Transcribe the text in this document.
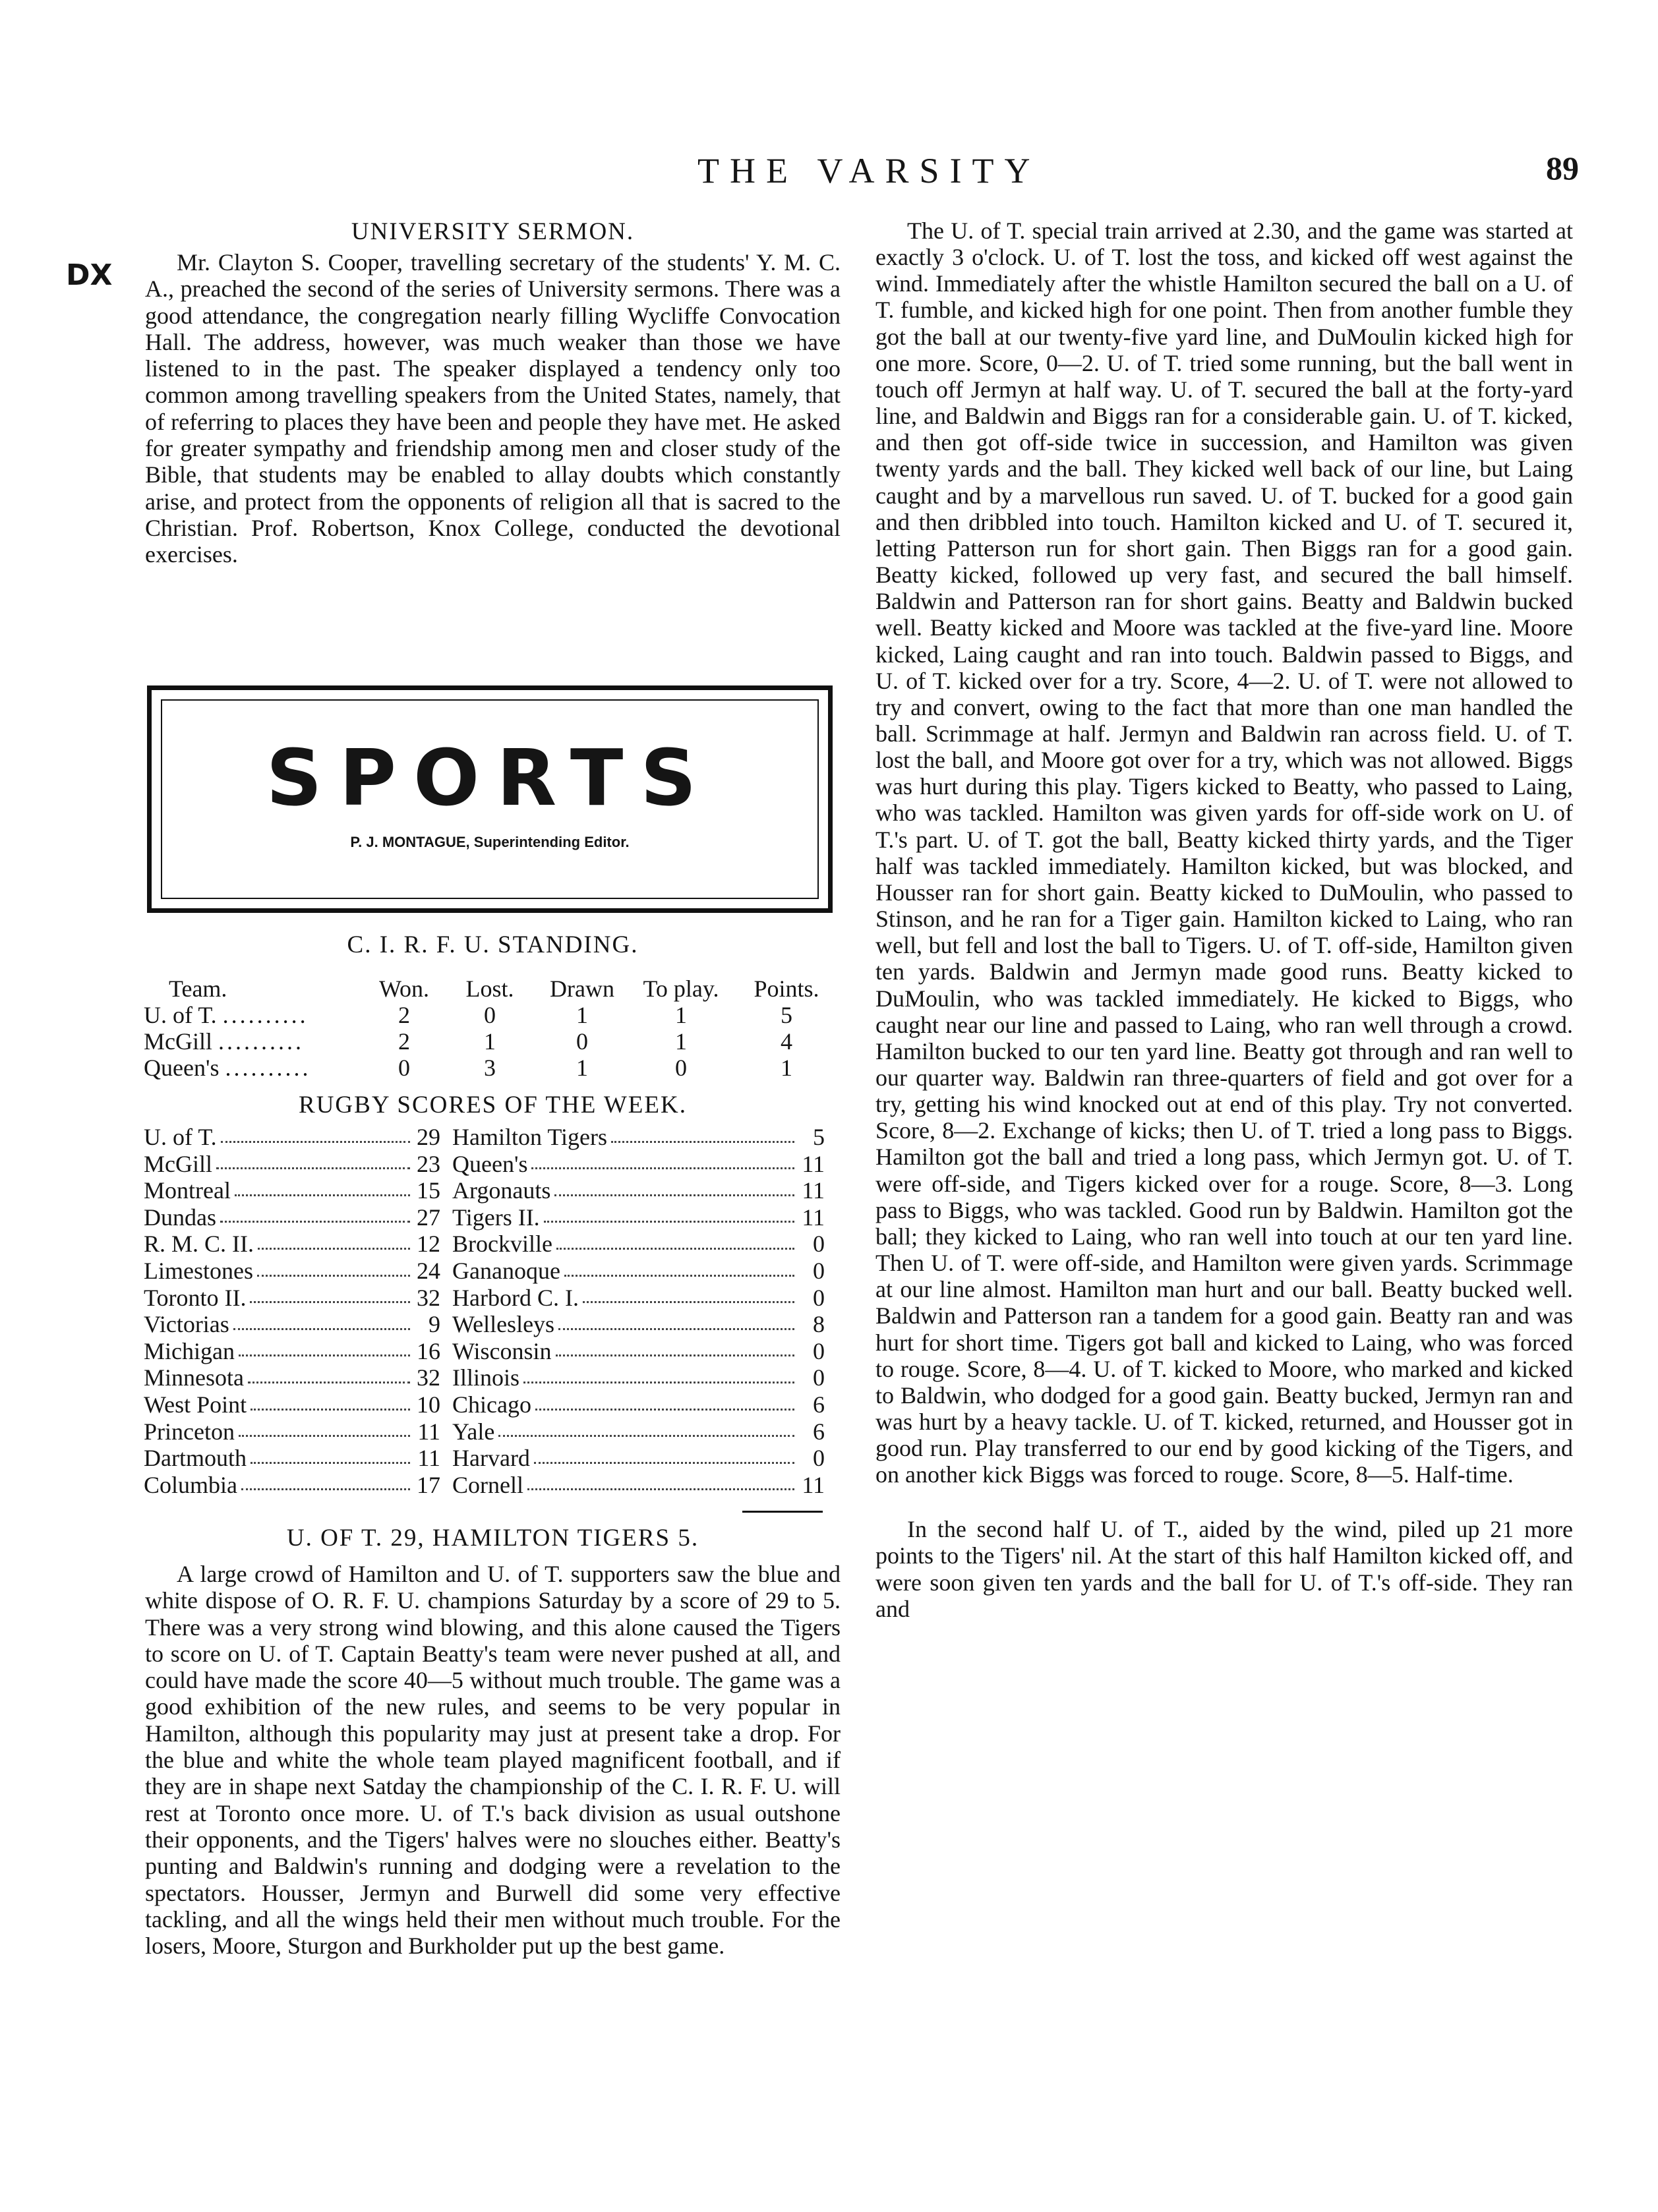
THE VARSITY	89
DX
UNIVERSITY SERMON.

Mr. Clayton S. Cooper, travelling secretary of the students' Y. M. C. A., preached the second of the series of University sermons. There was a good attendance, the congregation nearly filling Wycliffe Convocation Hall. The address, however, was much weaker than those we have listened to in the past. The speaker displayed a tendency only too common among travelling speakers from the United States, namely, that of referring to places they have been and people they have met. He asked for greater sympathy and friendship among men and closer study of the Bible, that students may be enabled to allay doubts which constantly arise, and protect from the opponents of religion all that is sacred to the Christian. Prof. Robertson, Knox College, conducted the devotional exercises.

SPORTS
P. J. MONTAGUE, Superintending Editor.
C. I. R. F. U. STANDING.
Team.	Won.	Lost.	Drawn	To play.	Points.
U. of T. ..........	2	0	1	1	5
McGill ..........	2	1	0	1	4
Queen's ..........	0	3	1	0	1
RUGBY SCORES OF THE WEEK.
U. of T.	29 Hamilton Tigers	5
McGill	23 Queen's	11
Montreal	15 Argonauts	11
Dundas	27 Tigers II.	11
R. M. C. II.	12 Brockville	0
Limestones	24 Gananoque	0
Toronto II.	32 Harbord C. I.	0
Victorias	9 Wellesleys	8
Michigan	16 Wisconsin	0
Minnesota	32 Illinois	0
West Point	10 Chicago	6
Princeton	11 Yale	6
Dartmouth	11 Harvard	0
Columbia	17 Cornell	11
U. OF T. 29, HAMILTON TIGERS 5.

A large crowd of Hamilton and U. of T. supporters saw the blue and white dispose of O. R. F. U. champions Saturday by a score of 29 to 5. There was a very strong wind blowing, and this alone caused the Tigers to score on U. of T. Captain Beatty's team were never pushed at all, and could have made the score 40—5 without much trouble. The game was a good exhibition of the new rules, and seems to be very popular in Hamilton, although this popularity may just at present take a drop. For the blue and white the whole team played magnificent football, and if they are in shape next Satday the championship of the C. I. R. F. U. will rest at Toronto once more. U. of T.'s back division as usual outshone their opponents, and the Tigers' halves were no slouches either. Beatty's punting and Baldwin's running and dodging were a revelation to the spectators. Housser, Jermyn and Burwell did some very effective tackling, and all the wings held their men without much trouble. For the losers, Moore, Sturgon and Burkholder put up the best game.

The U. of T. special train arrived at 2.30, and the game was started at exactly 3 o'clock. U. of T. lost the toss, and kicked off west against the wind. Immediately after the whistle Hamilton secured the ball on a U. of T. fumble, and kicked high for one point. Then from another fumble they got the ball at our twenty-five yard line, and DuMoulin kicked high for one more. Score, 0—2. U. of T. tried some running, but the ball went in touch off Jermyn at half way. U. of T. secured the ball at the forty-yard line, and Baldwin and Biggs ran for a considerable gain. U. of T. kicked, and then got off-side twice in succession, and Hamilton was given twenty yards and the ball. They kicked well back of our line, but Laing caught and by a marvellous run saved. U. of T. bucked for a good gain and then dribbled into touch. Hamilton kicked and U. of T. secured it, letting Patterson run for short gain. Then Biggs ran for a good gain. Beatty kicked, followed up very fast, and secured the ball himself. Baldwin and Patterson ran for short gains. Beatty and Baldwin bucked well. Beatty kicked and Moore was tackled at the five-yard line. Moore kicked, Laing caught and ran into touch. Baldwin passed to Biggs, and U. of T. kicked over for a try. Score, 4—2. U. of T. were not allowed to try and convert, owing to the fact that more than one man handled the ball. Scrimmage at half. Jermyn and Baldwin ran across field. U. of T. lost the ball, and Moore got over for a try, which was not allowed. Biggs was hurt during this play. Tigers kicked to Beatty, who passed to Laing, who was tackled. Hamilton was given yards for off-side work on U. of T.'s part. U. of T. got the ball, Beatty kicked thirty yards, and the Tiger half was tackled immediately. Hamilton kicked, but was blocked, and Housser ran for short gain. Beatty kicked to DuMoulin, who passed to Stinson, and he ran for a Tiger gain. Hamilton kicked to Laing, who ran well, but fell and lost the ball to Tigers. U. of T. off-side, Hamilton given ten yards. Baldwin and Jermyn made good runs. Beatty kicked to DuMoulin, who was tackled immediately. He kicked to Biggs, who caught near our line and passed to Laing, who ran well through a crowd. Hamilton bucked to our ten yard line. Beatty got through and ran well to our quarter way. Baldwin ran three-quarters of field and got over for a try, getting his wind knocked out at end of this play. Try not converted. Score, 8—2. Exchange of kicks; then U. of T. tried a long pass to Biggs. Hamilton got the ball and tried a long pass, which Jermyn got. U. of T. were off-side, and Tigers kicked over for a rouge. Score, 8—3. Long pass to Biggs, who was tackled. Good run by Baldwin. Hamilton got the ball; they kicked to Laing, who ran well into touch at our ten yard line. Then U. of T. were off-side, and Hamilton were given yards. Scrimmage at our line almost. Hamilton man hurt and our ball. Beatty bucked well. Baldwin and Patterson ran a tandem for a good gain. Beatty ran and was hurt for short time. Tigers got ball and kicked to Laing, who was forced to rouge. Score, 8—4. U. of T. kicked to Moore, who marked and kicked to Baldwin, who dodged for a good gain. Beatty bucked, Jermyn ran and was hurt by a heavy tackle. U. of T. kicked, returned, and Housser got in good run. Play transferred to our end by good kicking of the Tigers, and on another kick Biggs was forced to rouge. Score, 8—5. Half-time.

In the second half U. of T., aided by the wind, piled up 21 more points to the Tigers' nil. At the start of this half Hamilton kicked off, and were soon given ten yards and the ball for U. of T.'s off-side. They ran and
